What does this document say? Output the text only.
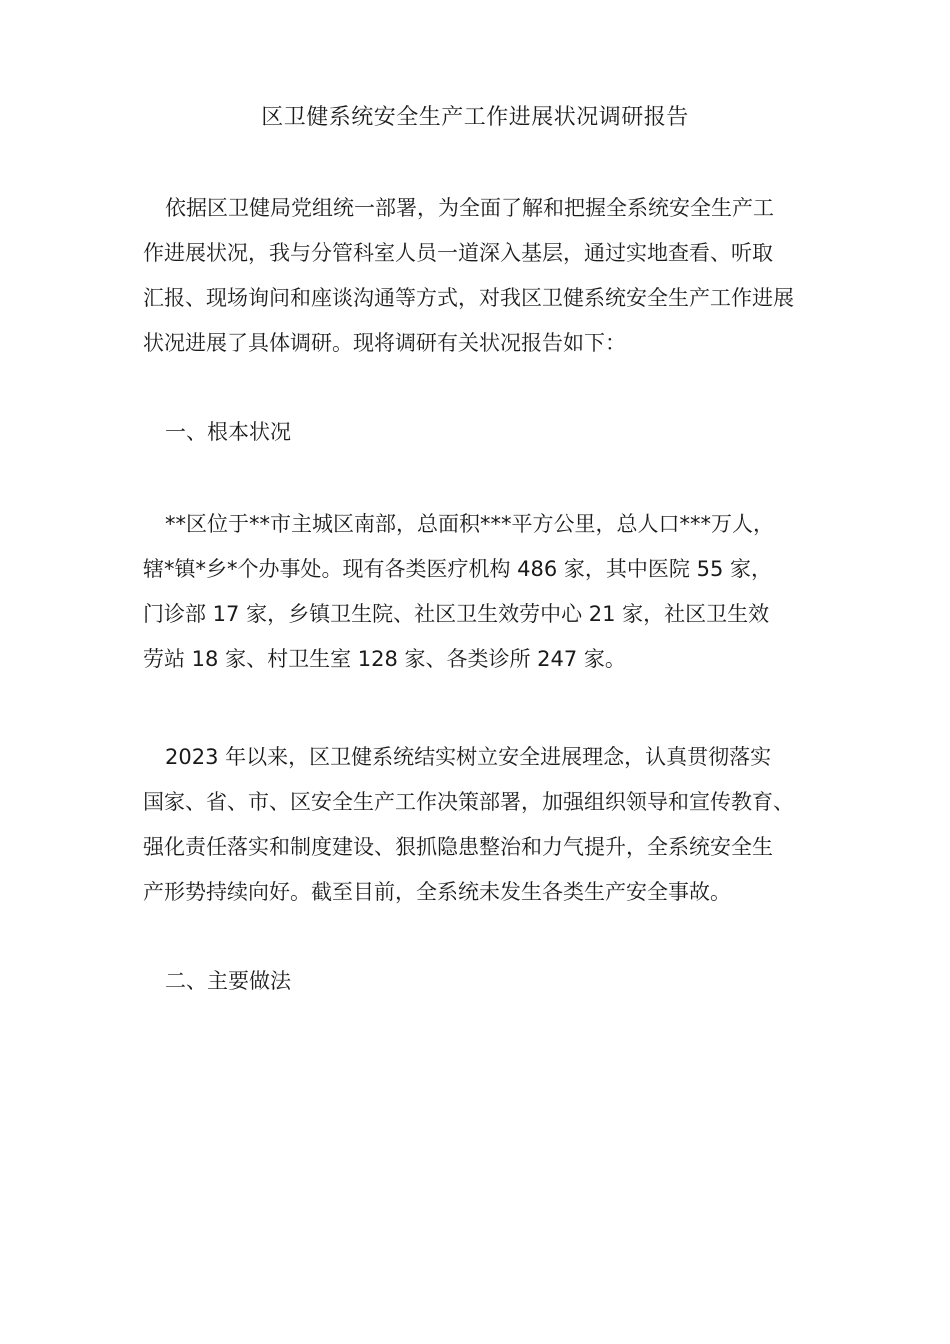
区卫健系统安全生产工作进展状况调研报告
依据区卫健局党组统一部署，为全面了解和把握全系统安全生产工
作进展状况，我与分管科室人员一道深入基层，通过实地查看、听取
汇报、现场询问和座谈沟通等方式，对我区卫健系统安全生产工作进展
状况进展了具体调研。现将调研有关状况报告如下：
一、根本状况
**区位于**市主城区南部，总面积***平方公里，总人口***万人，
辖*镇*乡*个办事处。现有各类医疗机构 486 家，其中医院 55 家，
门诊部 17 家，乡镇卫生院、社区卫生效劳中心 21 家，社区卫生效
劳站 18 家、村卫生室 128 家、各类诊所 247 家。
2023 年以来，区卫健系统结实树立安全进展理念，认真贯彻落实
国家、省、市、区安全生产工作决策部署，加强组织领导和宣传教育、
强化责任落实和制度建设、狠抓隐患整治和力气提升，全系统安全生
产形势持续向好。截至目前，全系统未发生各类生产安全事故。
二、主要做法
